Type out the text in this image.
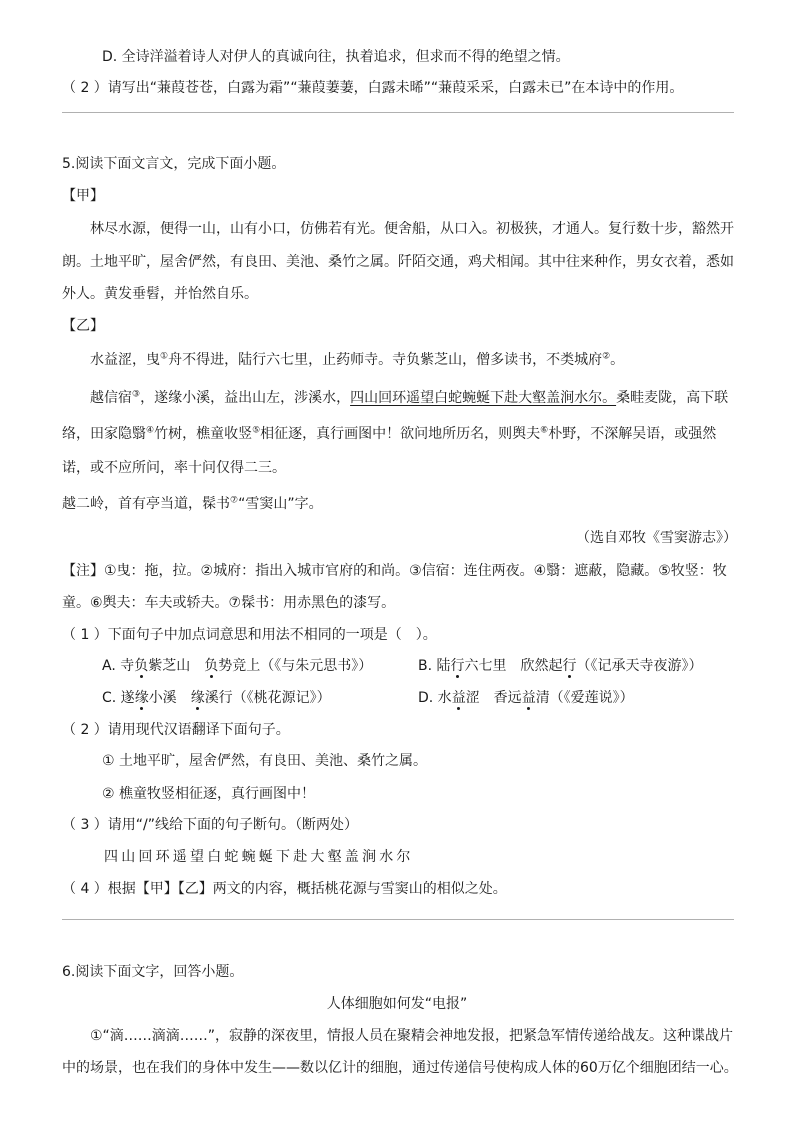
D. 全诗洋溢着诗人对伊人的真诚向往，执着追求，但求而不得的绝望之情。
（ 2 ）请写出“蒹葭苍苍，白露为霜”“蒹葭萋萋，白露未晞”“蒹葭采采，白露未已”在本诗中的作用。
5.阅读下面文言文，完成下面小题。
【甲】
林尽水源，便得一山，山有小口，仿佛若有光。便舍船，从口入。初极狭，才通人。复行数十步，豁然开
朗。土地平旷，屋舍俨然，有良田、美池、桑竹之属。阡陌交通，鸡犬相闻。其中往来种作，男女衣着，悉如
外人。黄发垂髫，并怡然自乐。
【乙】
水益涩，曳①舟不得进，陆行六七里，止药师寺。寺负紫芝山，僧多读书，不类城府②。
越信宿③，遂缘小溪，益出山左，涉溪水，四山回环遥望白蛇蜿蜒下赴大壑盖涧水尔。桑畦麦陇，高下联
络，田家隐翳④竹树，樵童收竖⑤相征逐，真行画图中！欲问地所历名，则舆夫⑥朴野，不深解吴语，或强然
诺，或不应所问，率十问仅得二三。
越二岭，首有亭当道，髹书⑦“雪窦山”字。
（选自邓牧《雪窦游志》）
【注】①曳：拖，拉。②城府：指出入城市官府的和尚。③信宿：连住两夜。④翳：遮蔽，隐藏。⑤牧竖：牧
童。⑥舆夫：车夫或轿夫。⑦髹书：用赤黑色的漆写。
（ 1 ）下面句子中加点词意思和用法不相同的一项是（　）。
A. 寺负紫芝山　负势竞上（《与朱元思书》）	B. 陆行六七里　欣然起行（《记承天寺夜游》）
C. 遂缘小溪　缘溪行（《桃花源记》）	D. 水益涩　香远益清（《爱莲说》）
（ 2 ）请用现代汉语翻译下面句子。
① 土地平旷，屋舍俨然，有良田、美池、桑竹之属。
② 樵童牧竖相征逐，真行画图中！
（ 3 ）请用“/”线给下面的句子断句。（断两处）
四山回环遥望白蛇蜿蜒下赴大壑盖涧水尔
（ 4 ）根据【甲】【乙】两文的内容，概括桃花源与雪窦山的相似之处。
6.阅读下面文字，回答小题。
人体细胞如何发“电报”
①“滴……滴滴……”，寂静的深夜里，情报人员在聚精会神地发报，把紧急军情传递给战友。这种谍战片
中的场景，也在我们的身体中发生——数以亿计的细胞，通过传递信号使构成人体的60万亿个细胞团结一心。
